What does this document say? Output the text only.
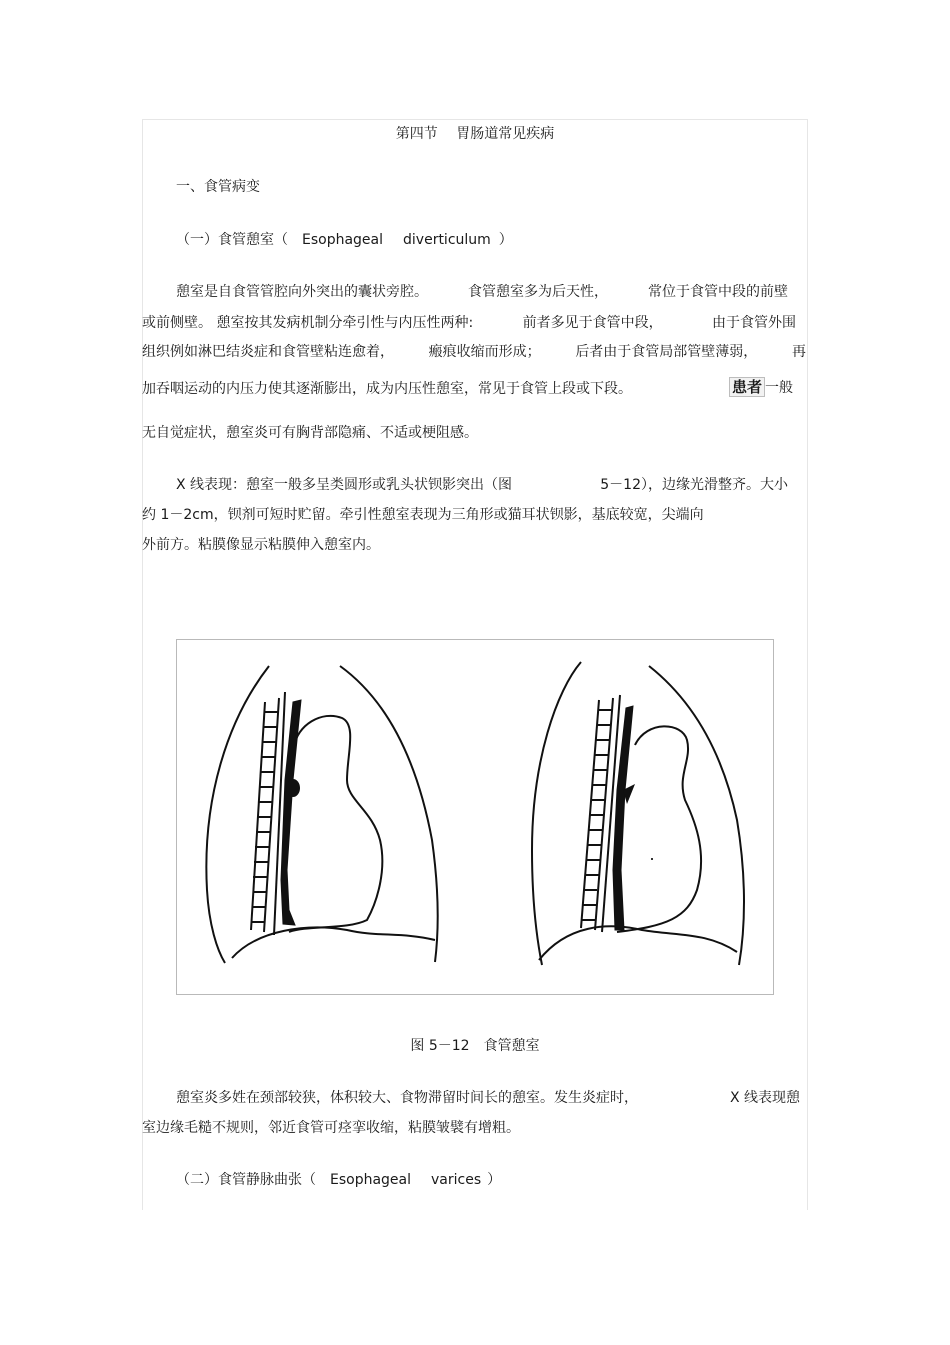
第四节　 胃肠道常见疾病
一、食管病变
（一）食管憩室（ Esophageal diverticulum ）
憩室是自食管管腔向外突出的囊状旁腔。	食管憩室多为后天性，	常位于食管中段的前壁
或前侧壁。 憩室按其发病机制分牵引性与内压性两种:	前者多见于食管中段，	由于食管外围
组织例如淋巴结炎症和食管壁粘连愈着， 瘢痕收缩而形成； 后者由于食管局部管壁薄弱， 再
加吞咽运动的内压力使其逐渐膨出，成为内压性憩室，常见于食管上段或下段。	患者 一般
无自觉症状，憩室炎可有胸背部隐痛、不适或梗阻感。
X 线表现：憩室一般多呈类圆形或乳头状钡影突出（图	5－12），边缘光滑整齐。大小
约 1－2cm，钡剂可短时贮留。牵引性憩室表现为三角形或猫耳状钡影，基底较宽，尖端向
外前方。粘膜像显示粘膜伸入憩室内。
图 5－12　食管憩室
憩室炎多姓在颈部较狭，体积较大、食物滞留时间长的憩室。发生炎症时，	X 线表现憩
室边缘毛糙不规则，邻近食管可痉挛收缩，粘膜皱襞有增粗。
（二）食管静脉曲张（ Esophageal varices ）
